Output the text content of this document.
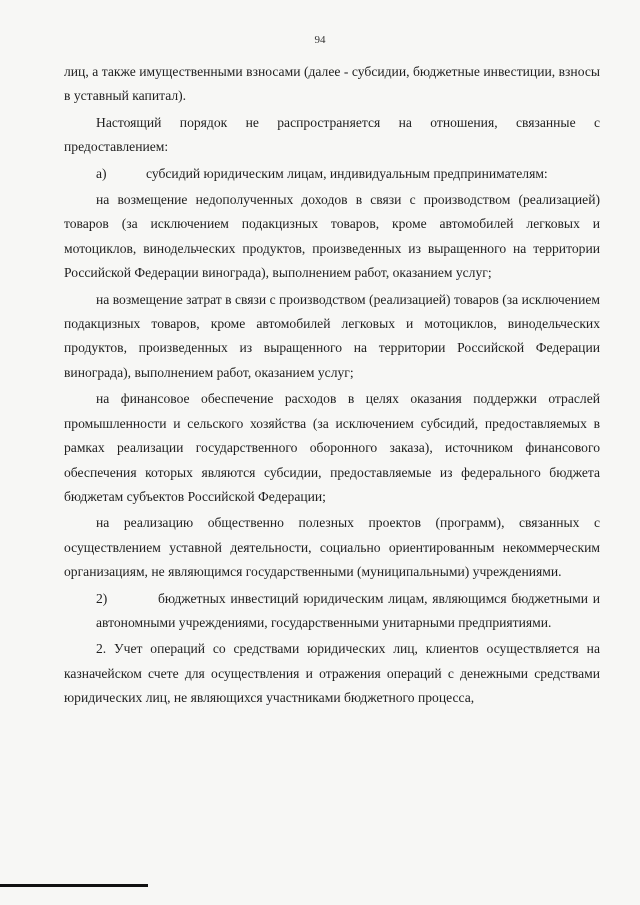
94

лиц, а также имущественными взносами (далее - субсидии, бюджетные инвестиции, взносы в уставный капитал).

Настоящий порядок не распространяется на отношения, связанные с предоставлением:

а)	субсидий юридическим лицам, индивидуальным предпринимателям:

на возмещение недополученных доходов в связи с производством (реализацией) товаров (за исключением подакцизных товаров, кроме автомобилей легковых и мотоциклов, винодельческих продуктов, произведенных из выращенного на территории Российской Федерации винограда), выполнением работ, оказанием услуг;

на возмещение затрат в связи с производством (реализацией) товаров (за исключением подакцизных товаров, кроме автомобилей легковых и мотоциклов, винодельческих продуктов, произведенных из выращенного на территории Российской Федерации винограда), выполнением работ, оказанием услуг;

на финансовое обеспечение расходов в целях оказания поддержки отраслей промышленности и сельского хозяйства (за исключением субсидий, предоставляемых в рамках реализации государственного оборонного заказа), источником финансового обеспечения которых являются субсидии, предоставляемые из федерального бюджета бюджетам субъектов Российской Федерации;

на реализацию общественно полезных проектов (программ), связанных с осуществлением уставной деятельности, социально ориентированным некоммерческим организациям, не являющимся государственными (муниципальными) учреждениями.

2)	бюджетных инвестиций юридическим лицам, являющимся бюджетными и автономными учреждениями, государственными унитарными предприятиями.

2. Учет операций со средствами юридических лиц, клиентов осуществляется на казначейском счете для осуществления и отражения операций с денежными средствами юридических лиц, не являющихся участниками бюджетного процесса,
